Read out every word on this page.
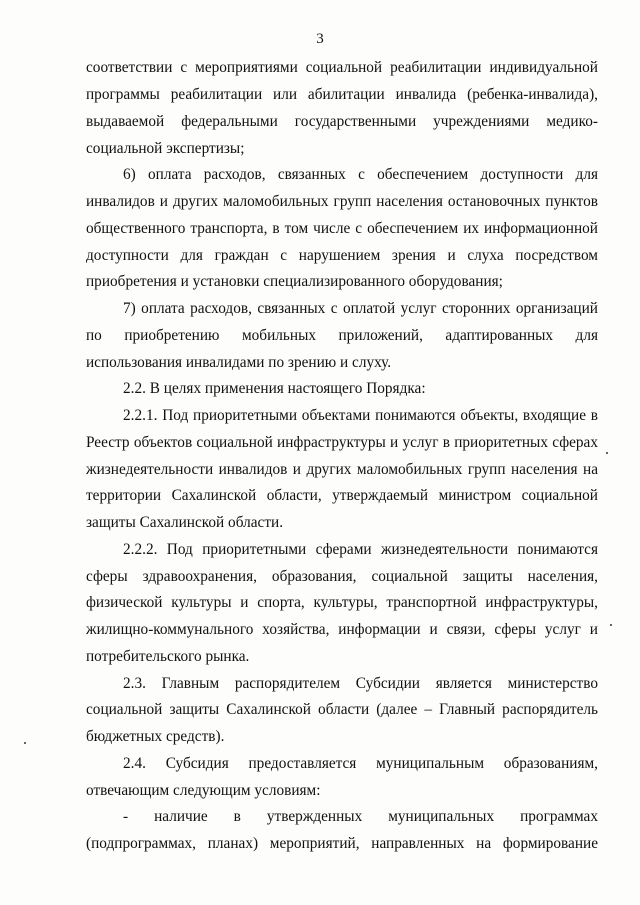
3
соответствии с мероприятиями социальной реабилитации индивидуальной
программы реабилитации или абилитации инвалида (ребенка-инвалида),
выдаваемой федеральными государственными учреждениями медико-
социальной экспертизы;
6) оплата расходов, связанных с обеспечением доступности для
инвалидов и других маломобильных групп населения остановочных пунктов
общественного транспорта, в том числе с обеспечением их информационной
доступности для граждан с нарушением зрения и слуха посредством
приобретения и установки специализированного оборудования;
7) оплата расходов, связанных с оплатой услуг сторонних организаций
по приобретению мобильных приложений, адаптированных для
использования инвалидами по зрению и слуху.
2.2. В целях применения настоящего Порядка:
2.2.1. Под приоритетными объектами понимаются объекты, входящие в
Реестр объектов социальной инфраструктуры и услуг в приоритетных сферах
жизнедеятельности инвалидов и других маломобильных групп населения на
территории Сахалинской области, утверждаемый министром социальной
защиты Сахалинской области.
2.2.2. Под приоритетными сферами жизнедеятельности понимаются
сферы здравоохранения, образования, социальной защиты населения,
физической культуры и спорта, культуры, транспортной инфраструктуры,
жилищно-коммунального хозяйства, информации и связи, сферы услуг и
потребительского рынка.
2.3. Главным распорядителем Субсидии является министерство
социальной защиты Сахалинской области (далее – Главный распорядитель
бюджетных средств).
2.4. Субсидия предоставляется муниципальным образованиям,
отвечающим следующим условиям:
- наличие в утвержденных муниципальных программах
(подпрограммах, планах) мероприятий, направленных на формирование
